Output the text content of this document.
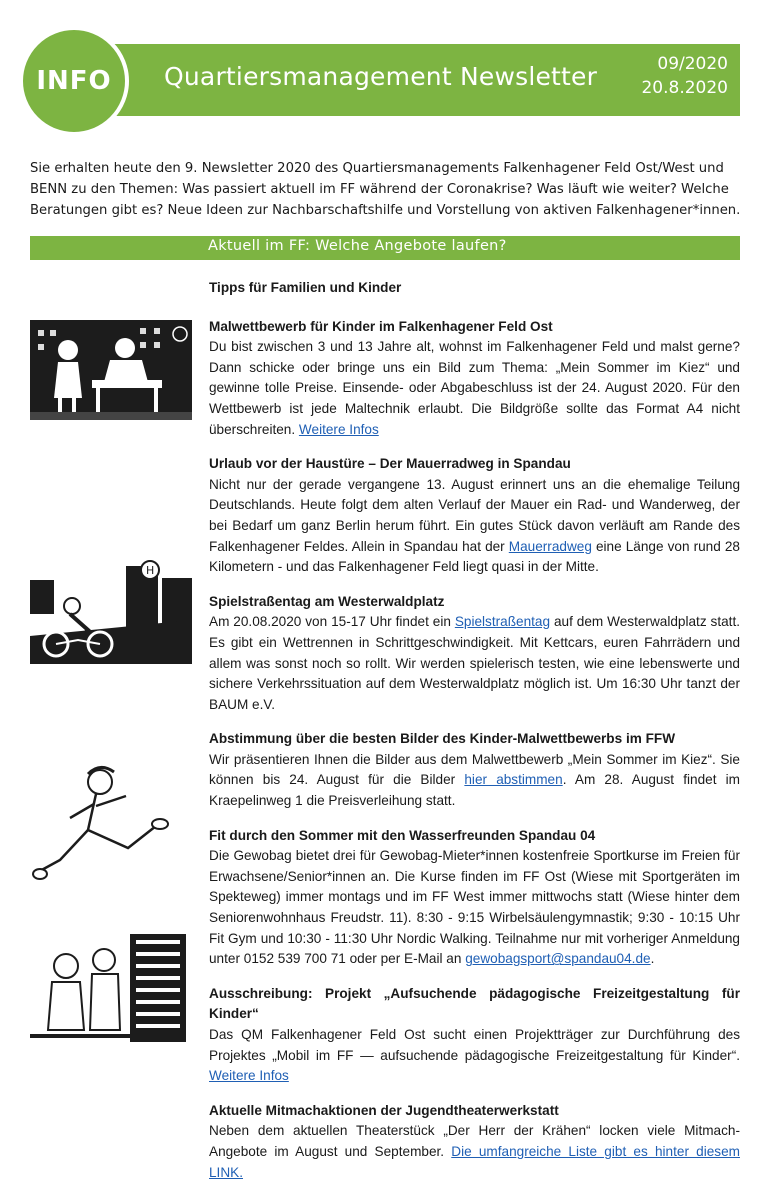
Quartiersmanagement Newsletter	09/2020
20.8.2020
INFO
Sie erhalten heute den 9. Newsletter 2020 des Quartiersmanagements Falkenhagener Feld Ost/West und BENN zu den Themen: Was passiert aktuell im FF während der Coronakrise? Was läuft wie weiter? Welche Beratungen gibt es? Neue Ideen zur Nachbarschaftshilfe und Vorstellung von aktiven Falkenhagener*innen.
Aktuell im FF: Welche Angebote laufen?
H
Tipps für Familien und Kinder
Malwettbewerb für Kinder im Falkenhagener Feld Ost

Du bist zwischen 3 und 13 Jahre alt, wohnst im Falkenhagener Feld und malst gerne? Dann schicke oder bringe uns ein Bild zum Thema: „Mein Sommer im Kiez“ und gewinne tolle Preise. Einsende- oder Abgabeschluss ist der 24. August 2020. Für den Wettbewerb ist jede Maltechnik erlaubt. Die Bildgröße sollte das Format A4 nicht überschreiten. Weitere Infos

Urlaub vor der Haustüre – Der Mauerradweg in Spandau

Nicht nur der gerade vergangene 13. August erinnert uns an die ehemalige Teilung Deutschlands. Heute folgt dem alten Verlauf der Mauer ein Rad- und Wanderweg, der bei Bedarf um ganz Berlin herum führt. Ein gutes Stück davon verläuft am Rande des Falkenhagener Feldes. Allein in Spandau hat der Mauerradweg eine Länge von rund 28 Kilometern - und das Falkenhagener Feld liegt quasi in der Mitte.

Spielstraßentag am Westerwaldplatz

Am 20.08.2020 von 15-17 Uhr findet ein Spielstraßentag auf dem Westerwaldplatz statt. Es gibt ein Wettrennen in Schrittgeschwindigkeit. Mit Kettcars, euren Fahrrädern und allem was sonst noch so rollt. Wir werden spielerisch testen, wie eine lebenswerte und sichere Verkehrssituation auf dem Westerwaldplatz möglich ist. Um 16:30 Uhr tanzt der BAUM e.V.

Abstimmung über die besten Bilder des Kinder-Malwettbewerbs im FFW

Wir präsentieren Ihnen die Bilder aus dem Malwettbewerb „Mein Sommer im Kiez“. Sie können bis 24. August für die Bilder hier abstimmen. Am 28. August findet im Kraepelinweg 1 die Preisverleihung statt.

Fit durch den Sommer mit den Wasserfreunden Spandau 04

Die Gewobag bietet drei für Gewobag-Mieter*innen kostenfreie Sportkurse im Freien für Erwachsene/Senior*innen an. Die Kurse finden im FF Ost (Wiese mit Sportgeräten im Spekteweg) immer montags und im FF West immer mittwochs statt (Wiese hinter dem Seniorenwohnhaus Freudstr. 11). 8:30 - 9:15 Wirbelsäulengymnastik; 9:30 - 10:15 Uhr Fit Gym und 10:30 - 11:30 Uhr Nordic Walking. Teilnahme nur mit vorheriger Anmeldung unter 0152 539 700 71 oder per E-Mail an gewobagsport@spandau04.de.

Ausschreibung: Projekt „Aufsuchende pädagogische Freizeitgestaltung für Kinder“

Das QM Falkenhagener Feld Ost sucht einen Projektträger zur Durchführung des Projektes „Mobil im FF — aufsuchende pädagogische Freizeitgestaltung für Kinder“. Weitere Infos

Aktuelle Mitmachaktionen der Jugendtheaterwerkstatt

Neben dem aktuellen Theaterstück „Der Herr der Krähen“ locken viele Mitmach-Angebote im August und September. Die umfangreiche Liste gibt es hinter diesem LINK.
